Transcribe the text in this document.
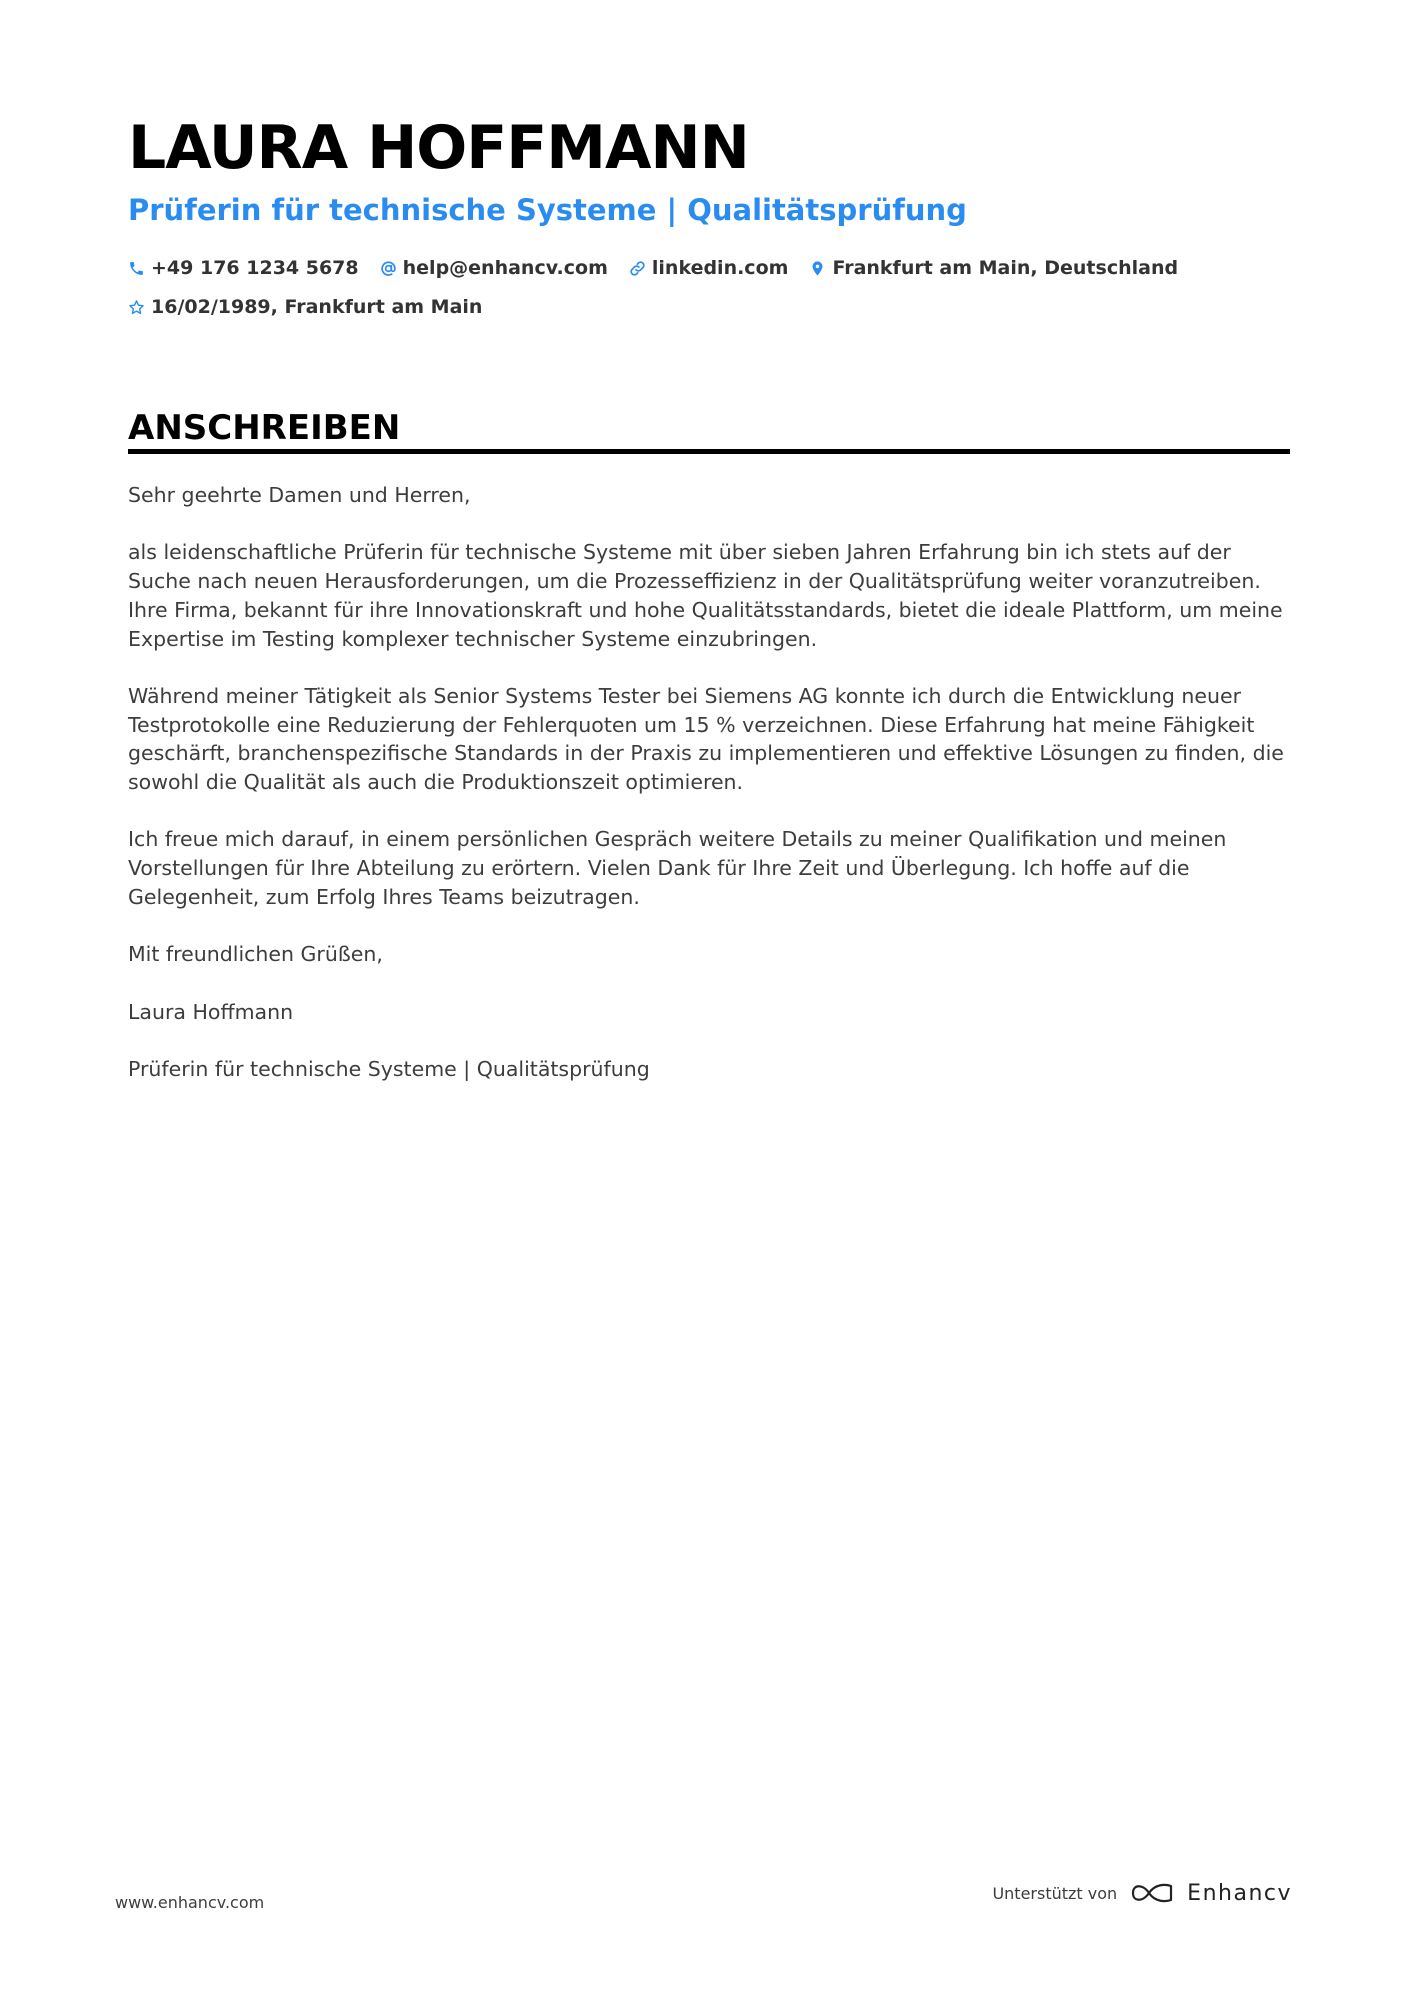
LAURA HOFFMANN
Prüferin für technische Systeme | Qualitätsprüfung
+49 176 1234 5678 help@enhancv.com linkedin.com Frankfurt am Main, Deutschland
16/02/1989, Frankfurt am Main
ANSCHREIBEN

Sehr geehrte Damen und Herren,

als leidenschaftliche Prüferin für technische Systeme mit über sieben Jahren Erfahrung bin ich stets auf der Suche nach neuen Herausforderungen, um die Prozesseffizienz in der Qualitätsprüfung weiter voranzutreiben. Ihre Firma, bekannt für ihre Innovationskraft und hohe Qualitätsstandards, bietet die ideale Plattform, um meine Expertise im Testing komplexer technischer Systeme einzubringen.

Während meiner Tätigkeit als Senior Systems Tester bei Siemens AG konnte ich durch die Entwicklung neuer Testprotokolle eine Reduzierung der Fehlerquoten um 15 % verzeichnen. Diese Erfahrung hat meine Fähigkeit geschärft, branchenspezifische Standards in der Praxis zu implementieren und effektive Lösungen zu finden, die sowohl die Qualität als auch die Produktionszeit optimieren.

Ich freue mich darauf, in einem persönlichen Gespräch weitere Details zu meiner Qualifikation und meinen Vorstellungen für Ihre Abteilung zu erörtern. Vielen Dank für Ihre Zeit und Überlegung. Ich hoffe auf die Gelegenheit, zum Erfolg Ihres Teams beizutragen.

Mit freundlichen Grüßen,

Laura Hoffmann

Prüferin für technische Systeme | Qualitätsprüfung

www.enhancv.com	Unterstützt von	Enhancv
